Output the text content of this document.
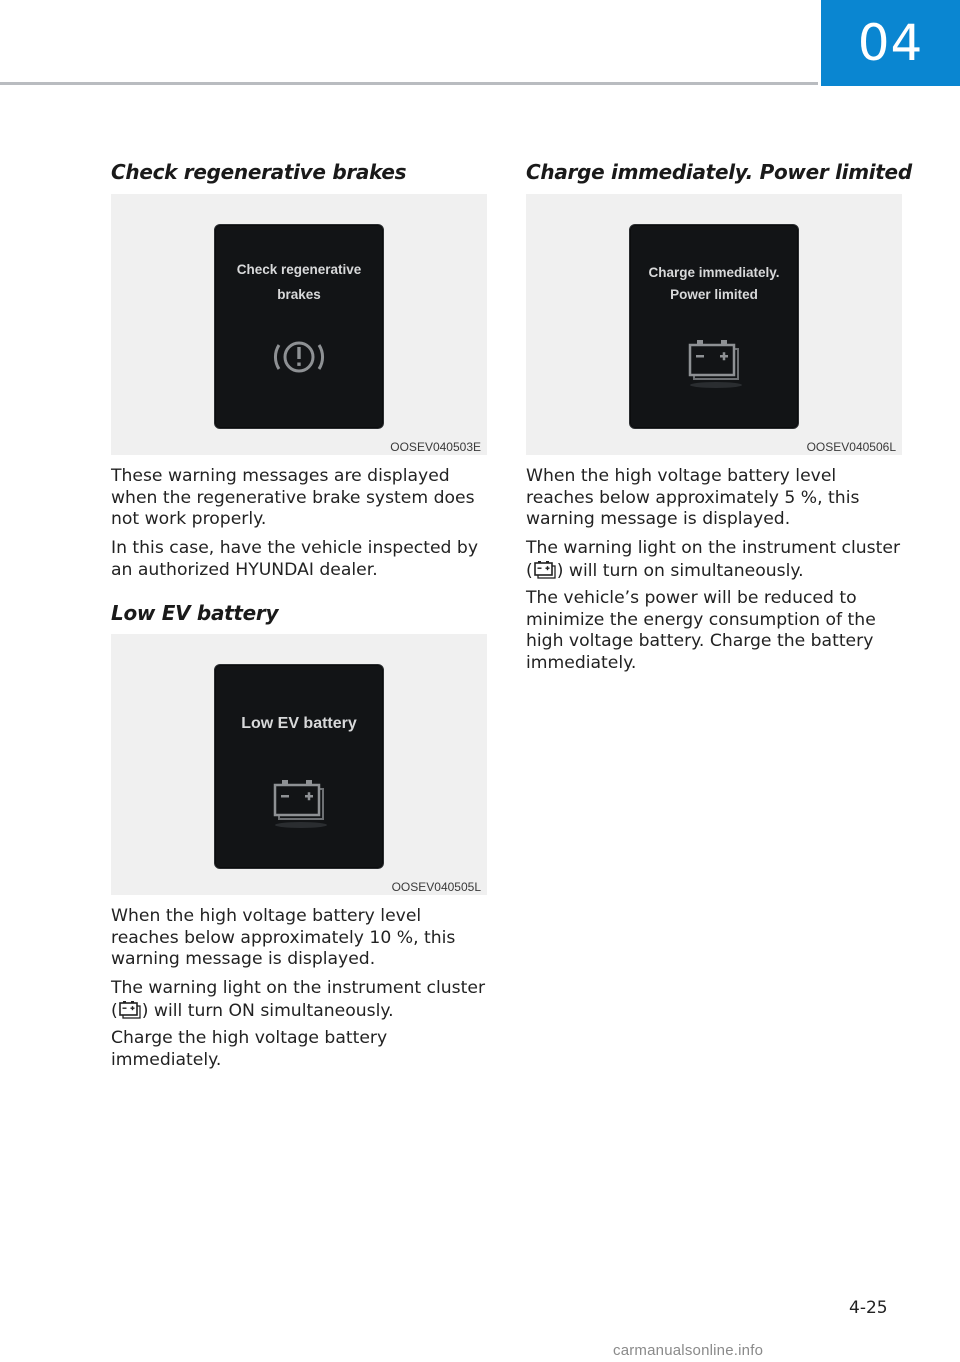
04
Check regenerative brakes
Check regenerative
brakes
OOSEV040503E

These warning messages are displayed when the regenerative brake system does not work properly.

In this case, have the vehicle inspected by an authorized HYUNDAI dealer.

Low EV battery
Low EV battery
OOSEV040505L

When the high voltage battery level reaches below approximately 10 %, this warning message is displayed.

The warning light on the instrument cluster ( ) will turn ON simultaneously.

Charge the high voltage battery immediately.

Charge immediately. Power limited
Charge immediately.
Power limited
OOSEV040506L

When the high voltage battery level reaches below approximately 5 %, this warning message is displayed.

The warning light on the instrument cluster ( ) will turn on simultaneously.

The vehicle’s power will be reduced to minimize the energy consumption of the high voltage battery. Charge the battery immediately.

4-25
carmanualsonline.info
